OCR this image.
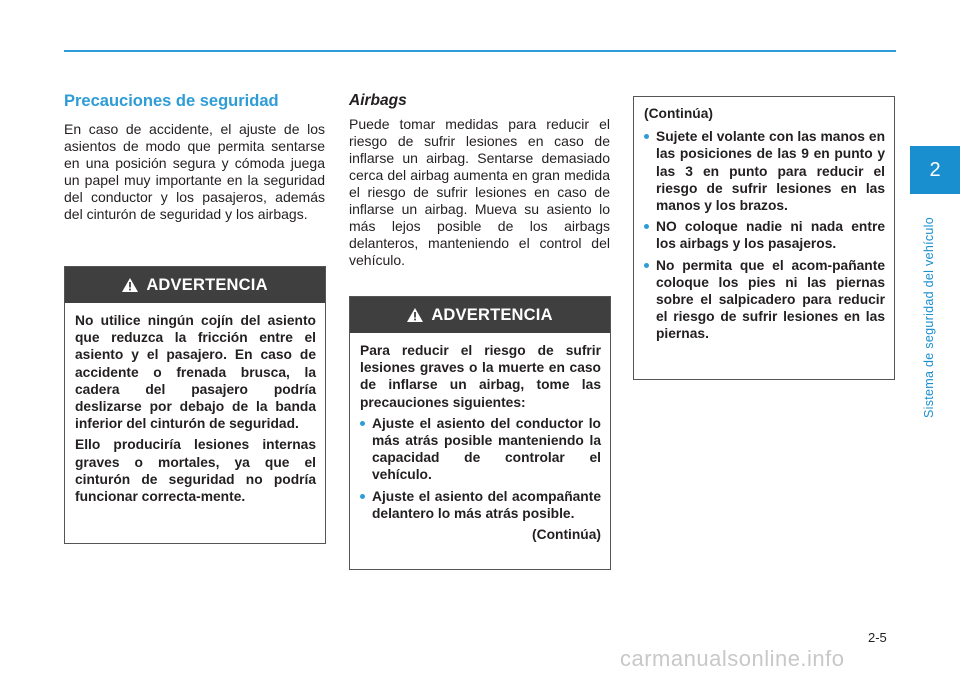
2
Sistema de seguridad del vehículo
Precauciones de seguridad
En caso de accidente, el ajuste de los asientos de modo que permita sentarse en una posición segura y cómoda juega un papel muy importante en la seguridad del conductor y los pasajeros, además del cinturón de seguridad y los airbags.
ADVERTENCIA

No utilice ningún cojín del asiento que reduzca la fricción entre el asiento y el pasajero. En caso de accidente o frenada brusca, la cadera del pasajero podría deslizarse por debajo de la banda inferior del cinturón de seguridad.

Ello produciría lesiones internas graves o mortales, ya que el cinturón de seguridad no podría funcionar correcta-mente.

Airbags
Puede tomar medidas para reducir el riesgo de sufrir lesiones en caso de inflarse un airbag. Sentarse demasiado cerca del airbag aumenta en gran medida el riesgo de sufrir lesiones en caso de inflarse un airbag. Mueva su asiento lo más lejos posible de los airbags delanteros, manteniendo el control del vehículo.
ADVERTENCIA

Para reducir el riesgo de sufrir lesiones graves o la muerte en caso de inflarse un airbag, tome las precauciones siguientes:

Ajuste el asiento del conductor lo más atrás posible manteniendo la capacidad de controlar el vehículo.
Ajuste el asiento del acompañante delantero lo más atrás posible.
(Continúa)

(Continúa)

Sujete el volante con las manos en las posiciones de las 9 en punto y las 3 en punto para reducir el riesgo de sufrir lesiones en las manos y los brazos.
NO coloque nadie ni nada entre los airbags y los pasajeros.
No permita que el acom-pañante coloque los pies ni las piernas sobre el salpicadero para reducir el riesgo de sufrir lesiones en las piernas.
2-5
carmanualsonline.info
